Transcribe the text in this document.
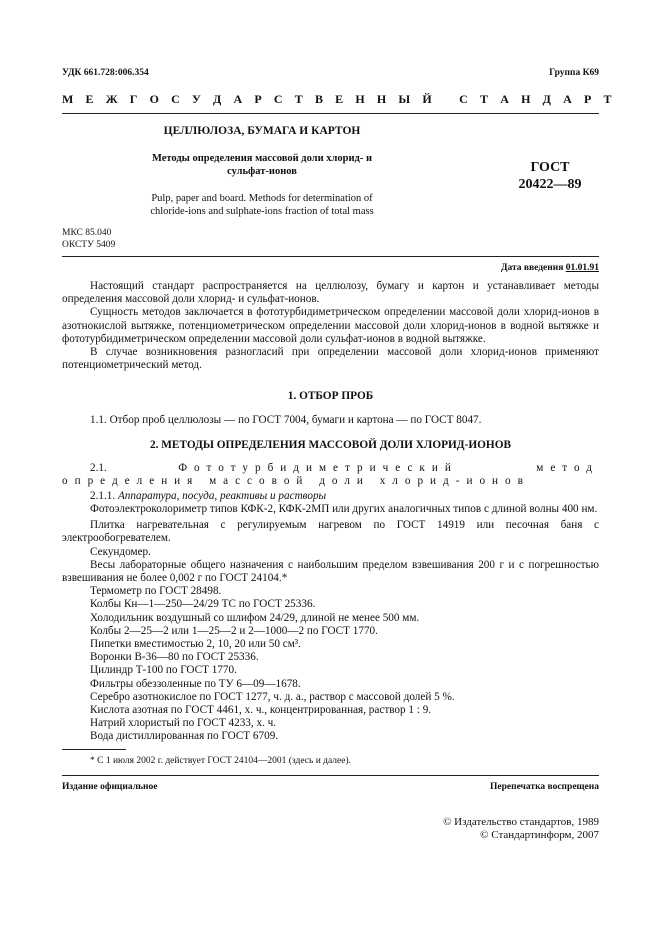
УДК 661.728:006.354	Группа К69
М Е Ж Г О С У Д А Р С Т В Е Н Н Ы Й   С Т А Н Д А Р Т
ЦЕЛЛЮЛОЗА, БУМАГА И КАРТОН
Методы определения массовой доли хлорид- и
сульфат-ионов
Pulp, paper and board. Methods for determination of
chloride-ions and sulphate-ions fraction of total mass
ГОСТ
20422—89
МКС 85.040
ОКСТУ 5409
Дата введения 01.01.91

Настоящий стандарт распространяется на целлюлозу, бумагу и картон и устанавливает методы определения массовой доли хлорид- и сульфат-ионов.

Сущность методов заключается в фототурбидиметрическом определении массовой доли хлорид-ионов в азотнокислой вытяжке, потенциометрическом определении массовой доли хлорид-ионов в водной вытяжке и фототурбидиметрическом определении массовой доли сульфат-ионов в водной вытяжке.

В случае возникновения разногласий при определении массовой доли хлорид-ионов применяют потенциометрический метод.

1. ОТБОР ПРОБ
1.1. Отбор проб целлюлозы — по ГОСТ 7004, бумаги и картона — по ГОСТ 8047.
2. МЕТОДЫ ОПРЕДЕЛЕНИЯ МАССОВОЙ ДОЛИ ХЛОРИД-ИОНОВ
2.1.	Фототурбидиметрический метод определения массовой доли хлорид-ионов
2.1.1. Аппаратура, посуда, реактивы и растворы

Фотоэлектроколориметр типов КФК-2, КФК-2МП или других аналогичных типов с длиной волны 400 нм.

Плитка нагревательная с регулируемым нагревом по ГОСТ 14919 или песочная баня с электрообогревателем.

Секундомер.

Весы лабораторные общего назначения с наибольшим пределом взвешивания 200 г и с погрешностью взвешивания не более 0,002 г по ГОСТ 24104.*

Термометр по ГОСТ 28498.

Колбы Кн—1—250—24/29 ТС по ГОСТ 25336.

Холодильник воздушный со шлифом 24/29, длиной не менее 500 мм.

Колбы 2—25—2 или 1—25—2 и 2—1000—2 по ГОСТ 1770.

Пипетки вместимостью 2, 10, 20 или 50 см³.

Воронки В-36—80 по ГОСТ 25336.

Цилиндр Т-100 по ГОСТ 1770.

Фильтры обеззоленные по ТУ 6—09—1678.

Серебро азотнокислое по ГОСТ 1277, ч. д. а., раствор с массовой долей 5 %.

Кислота азотная по ГОСТ 4461, х. ч., концентрированная, раствор 1 : 9.

Натрий хлористый по ГОСТ 4233, х. ч.

Вода дистиллированная по ГОСТ 6709.

* С 1 июля 2002 г. действует ГОСТ 24104—2001 (здесь и далее).
Издание официальное	Перепечатка воспрещена
© Издательство стандартов, 1989
© Стандартинформ, 2007
